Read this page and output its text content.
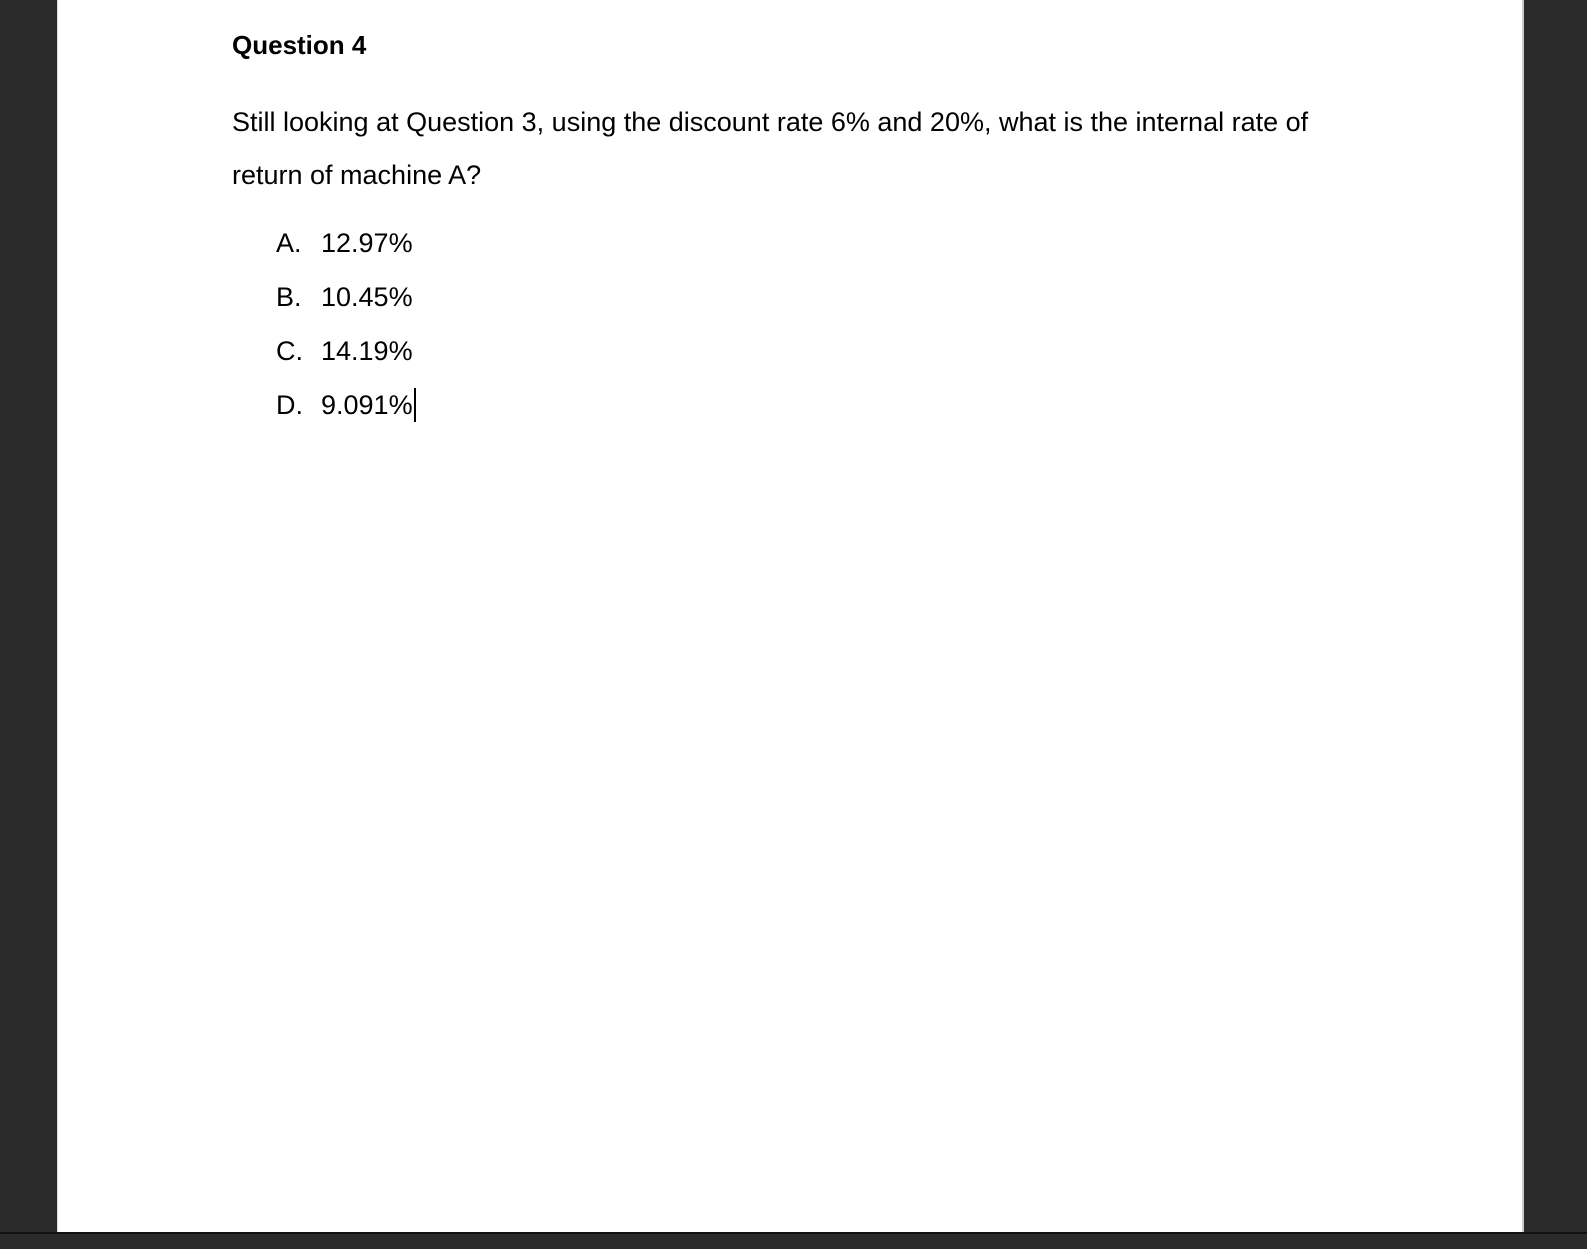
Question 4

Still looking at Question 3, using the discount rate 6% and 20%, what is the internal rate of
return of machine A?

A. 12.97%
B. 10.45%
C. 14.19%
D. 9.091%
